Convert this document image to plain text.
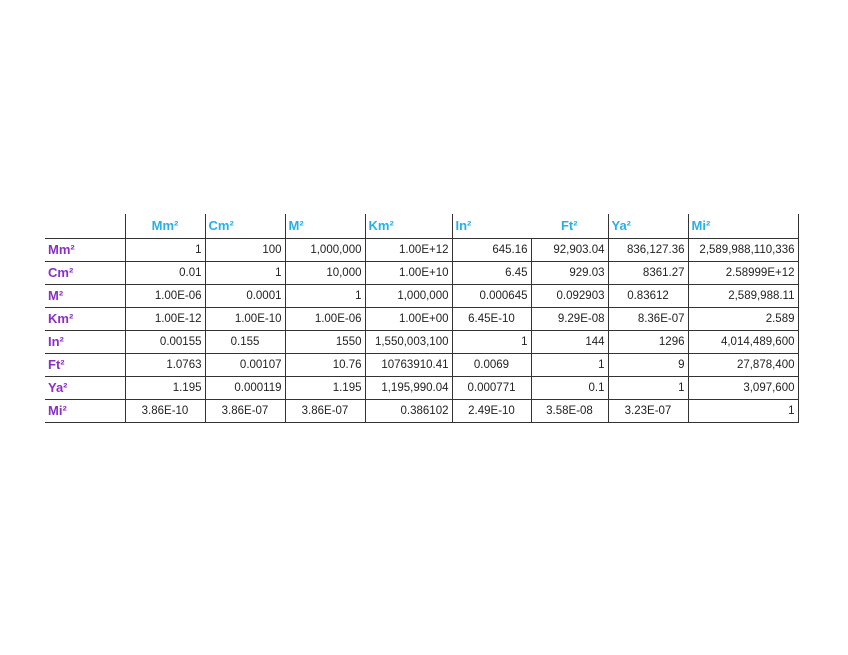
	Mm²	Cm²	M²	Km²	In²	Ft²	Ya²	Mi²
Mm²	1	100	1,000,000	1.00E+12	645.16	92,903.04	836,127.36	2,589,988,110,336
Cm²	0.01	1	10,000	1.00E+10	6.45	929.03	8361.27	2.58999E+12
M²	1.00E-06	0.0001	1	1,000,000	0.000645	0.092903	0.83612	2,589,988.11
Km²	1.00E-12	1.00E-10	1.00E-06	1.00E+00	6.45E-10	9.29E-08	8.36E-07	2.589
In²	0.00155	0.155	1550	1,550,003,100	1	144	1296	4,014,489,600
Ft²	1.0763	0.00107	10.76	10763910.41	0.0069	1	9	27,878,400
Ya²	1.195	0.000119	1.195	1,195,990.04	0.000771	0.1	1	3,097,600
Mi²	3.86E-10	3.86E-07	3.86E-07	0.386102	2.49E-10	3.58E-08	3.23E-07	1
